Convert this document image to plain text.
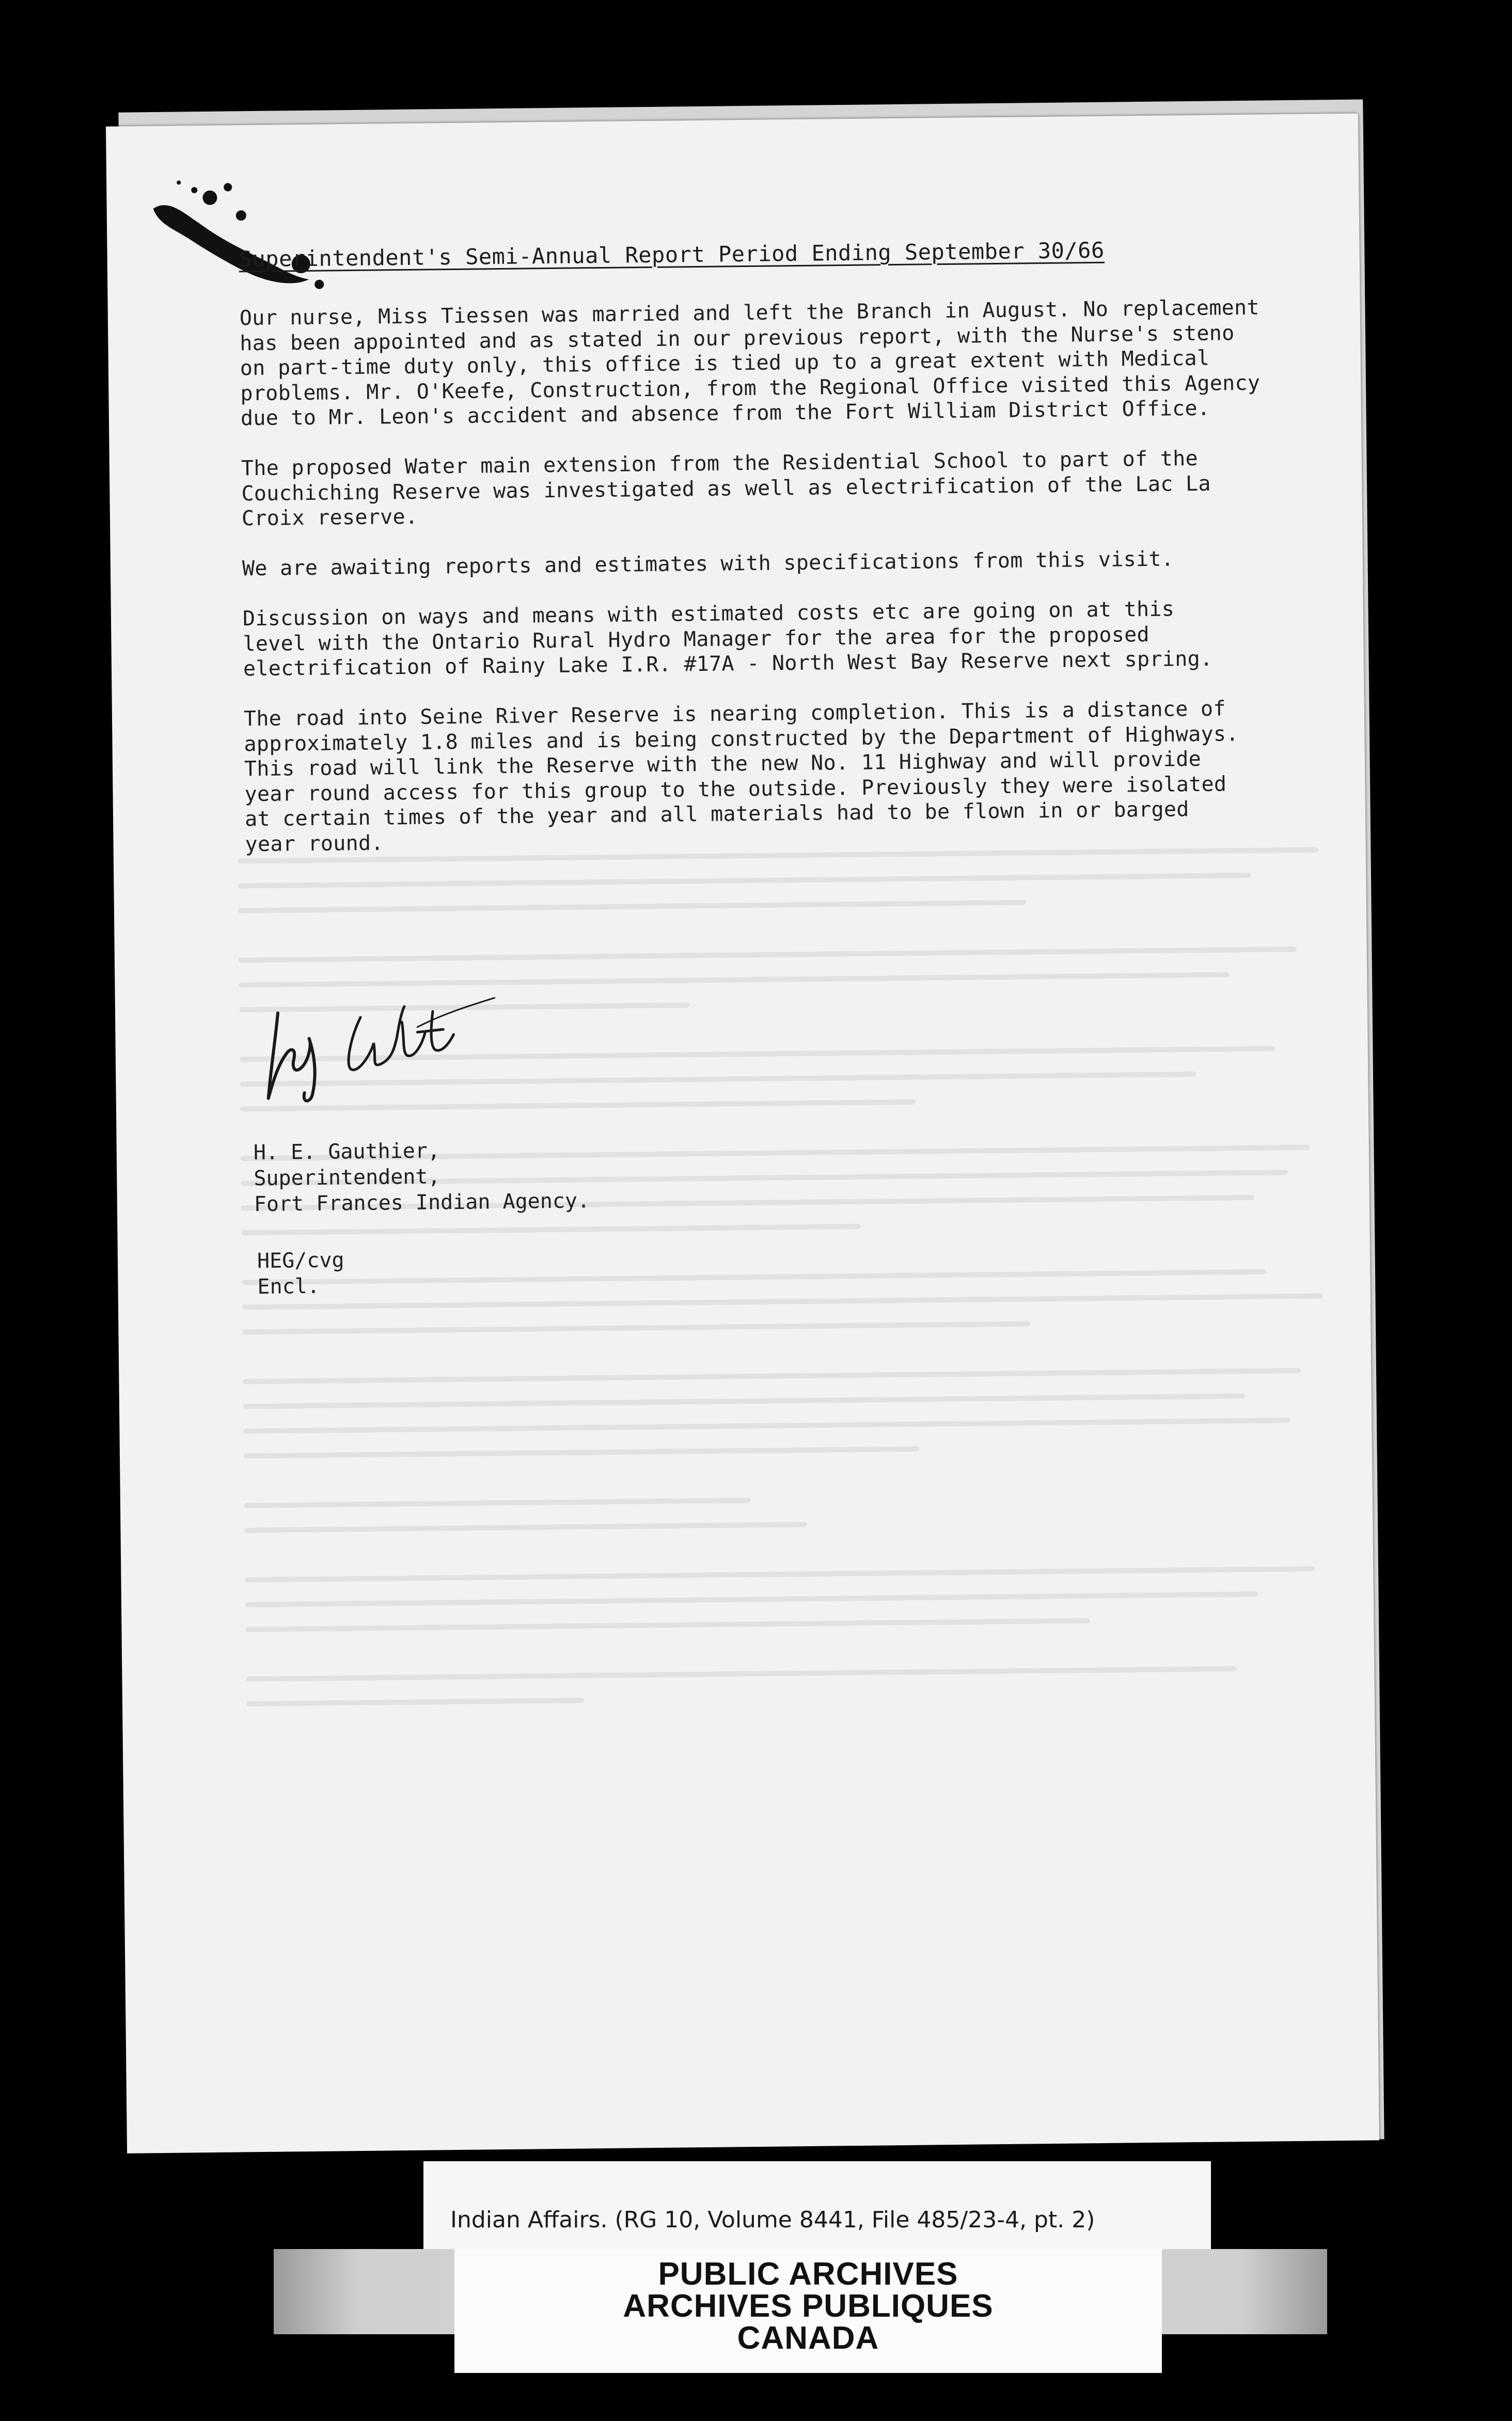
Superintendent's Semi-Annual Report Period Ending September 30/66

Our nurse, Miss Tiessen was married and left the Branch in August. No replacement
has been appointed and as stated in our previous report, with the Nurse's steno
on part-time duty only, this office is tied up to a great extent with Medical
problems. Mr. O'Keefe, Construction, from the Regional Office visited this Agency
due to Mr. Leon's accident and absence from the Fort William District Office.

The proposed Water main extension from the Residential School to part of the
Couchiching Reserve was investigated as well as electrification of the Lac La
Croix reserve.

We are awaiting reports and estimates with specifications from this visit.

Discussion on ways and means with estimated costs etc are going on at this
level with the Ontario Rural Hydro Manager for the area for the proposed
electrification of Rainy Lake I.R. #17A - North West Bay Reserve next spring.

The road into Seine River Reserve is nearing completion. This is a distance of
approximately 1.8 miles and is being constructed by the Department of Highways.
This road will link the Reserve with the new No. 11 Highway and will provide
year round access for this group to the outside. Previously they were isolated
at certain times of the year and all materials had to be flown in or barged
year round.

H. E. Gauthier,
Superintendent,
Fort Frances Indian Agency.
HEG/cvg
Encl.
Indian Affairs. (RG 10, Volume 8441, File 485/23-4, pt. 2)
PUBLIC ARCHIVES
ARCHIVES PUBLIQUES
CANADA
